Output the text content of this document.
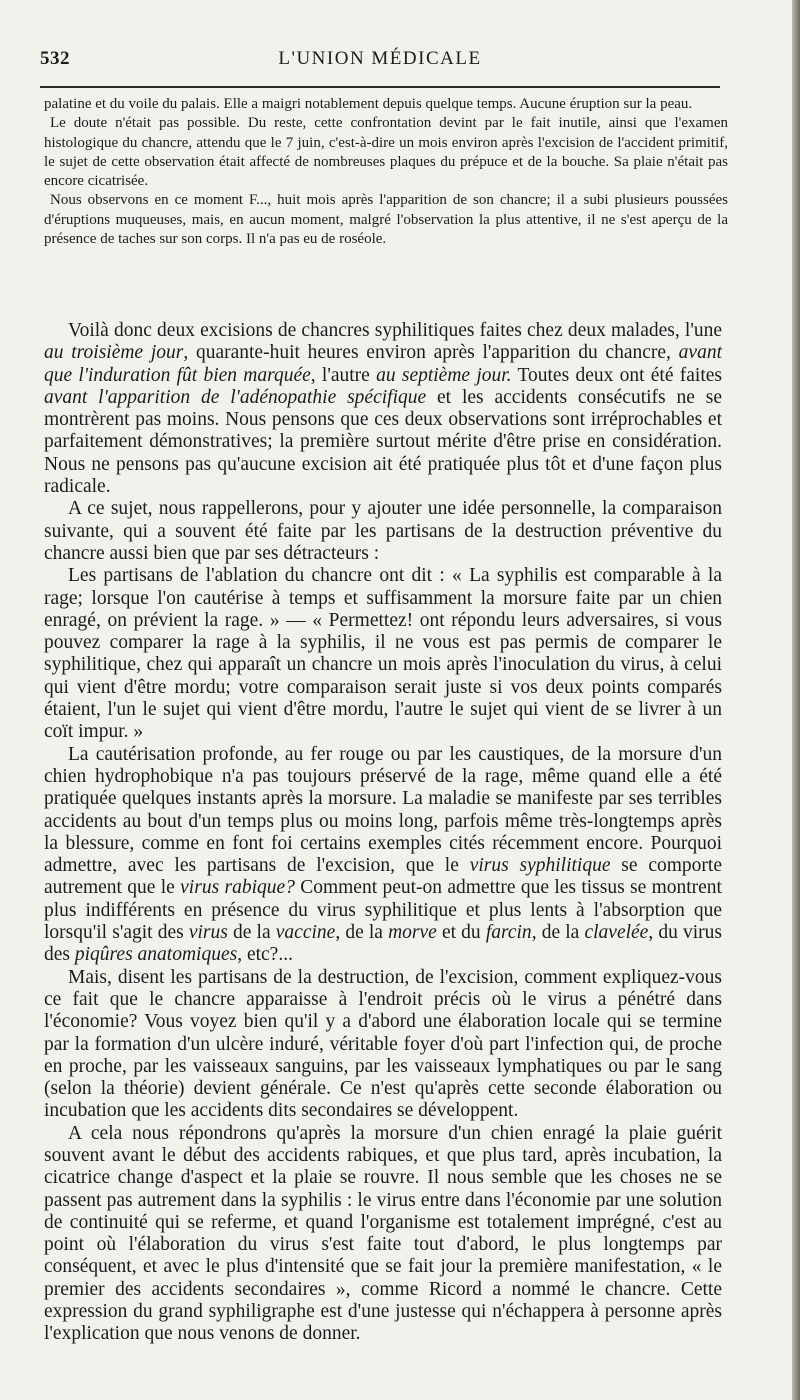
532	L'UNION MÉDICALE

palatine et du voile du palais. Elle a maigri notablement depuis quelque temps. Aucune éruption sur la peau.

Le doute n'était pas possible. Du reste, cette confrontation devint par le fait inutile, ainsi que l'examen histologique du chancre, attendu que le 7 juin, c'est-à-dire un mois environ après l'excision de l'accident primitif, le sujet de cette observation était affecté de nombreuses plaques du prépuce et de la bouche. Sa plaie n'était pas encore cicatrisée.

Nous observons en ce moment F..., huit mois après l'apparition de son chancre; il a subi plusieurs poussées d'éruptions muqueuses, mais, en aucun moment, malgré l'observation la plus attentive, il ne s'est aperçu de la présence de taches sur son corps. Il n'a pas eu de roséole.

Voilà donc deux excisions de chancres syphilitiques faites chez deux malades, l'une au troisième jour, quarante-huit heures environ après l'apparition du chancre, avant que l'induration fût bien marquée, l'autre au septième jour. Toutes deux ont été faites avant l'apparition de l'adénopathie spécifique et les accidents consécutifs ne se montrèrent pas moins. Nous pensons que ces deux observations sont irréprochables et parfaitement démonstratives; la première surtout mérite d'être prise en considération. Nous ne pensons pas qu'aucune excision ait été pratiquée plus tôt et d'une façon plus radicale.

A ce sujet, nous rappellerons, pour y ajouter une idée personnelle, la comparaison suivante, qui a souvent été faite par les partisans de la destruction préventive du chancre aussi bien que par ses détracteurs :

Les partisans de l'ablation du chancre ont dit : « La syphilis est comparable à la rage; lorsque l'on cautérise à temps et suffisamment la morsure faite par un chien enragé, on prévient la rage. » — « Permettez! ont répondu leurs adversaires, si vous pouvez comparer la rage à la syphilis, il ne vous est pas permis de comparer le syphilitique, chez qui apparaît un chancre un mois après l'inoculation du virus, à celui qui vient d'être mordu; votre comparaison serait juste si vos deux points comparés étaient, l'un le sujet qui vient d'être mordu, l'autre le sujet qui vient de se livrer à un coït impur. »

La cautérisation profonde, au fer rouge ou par les caustiques, de la morsure d'un chien hydrophobique n'a pas toujours préservé de la rage, même quand elle a été pratiquée quelques instants après la morsure. La maladie se manifeste par ses terribles accidents au bout d'un temps plus ou moins long, parfois même très-longtemps après la blessure, comme en font foi certains exemples cités récemment encore. Pourquoi admettre, avec les partisans de l'excision, que le virus syphilitique se comporte autrement que le virus rabique? Comment peut-on admettre que les tissus se montrent plus indifférents en présence du virus syphilitique et plus lents à l'absorption que lorsqu'il s'agit des virus de la vaccine, de la morve et du farcin, de la clavelée, du virus des piqûres anatomiques, etc?...

Mais, disent les partisans de la destruction, de l'excision, comment expliquez-vous ce fait que le chancre apparaisse à l'endroit précis où le virus a pénétré dans l'économie? Vous voyez bien qu'il y a d'abord une élaboration locale qui se termine par la formation d'un ulcère induré, véritable foyer d'où part l'infection qui, de proche en proche, par les vaisseaux sanguins, par les vaisseaux lymphatiques ou par le sang (selon la théorie) devient générale. Ce n'est qu'après cette seconde élaboration ou incubation que les accidents dits secondaires se développent.

A cela nous répondrons qu'après la morsure d'un chien enragé la plaie guérit souvent avant le début des accidents rabiques, et que plus tard, après incubation, la cicatrice change d'aspect et la plaie se rouvre. Il nous semble que les choses ne se passent pas autrement dans la syphilis : le virus entre dans l'économie par une solution de continuité qui se referme, et quand l'organisme est totalement imprégné, c'est au point où l'élaboration du virus s'est faite tout d'abord, le plus longtemps par conséquent, et avec le plus d'intensité que se fait jour la première manifestation, « le premier des accidents secondaires », comme Ricord a nommé le chancre. Cette expression du grand syphiligraphe est d'une justesse qui n'échappera à personne après l'explication que nous venons de donner.
